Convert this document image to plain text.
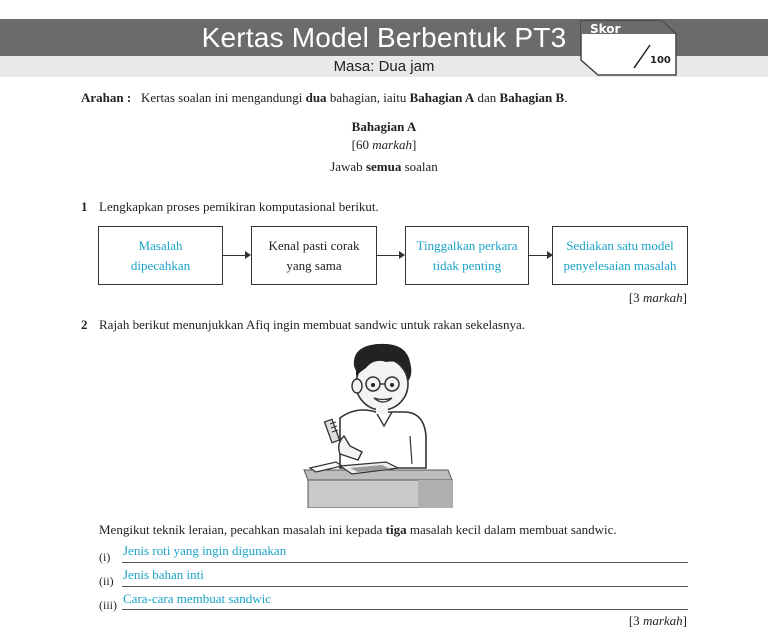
Kertas Model Berbentuk PT3
Masa: Dua jam
Skor
100
Arahan : Kertas soalan ini mengandungi dua bahagian, iaitu Bahagian A dan Bahagian B.
Bahagian A
[60 markah]
Jawab semua soalan
1 Lengkapkan proses pemikiran komputasional berikut.
Masalah
dipecahkan
Kenal pasti corak
yang sama
Tinggalkan perkara
tidak penting
Sediakan satu model
penyelesaian masalah
[3 markah]
2 Rajah berikut menunjukkan Afiq ingin membuat sandwic untuk rakan sekelasnya.
Mengikut teknik leraian, pecahkan masalah ini kepada tiga masalah kecil dalam membuat sandwic.
(i) Jenis roti yang ingin digunakan
(ii) Jenis bahan inti
(iii) Cara-cara membuat sandwic
[3 markah]
